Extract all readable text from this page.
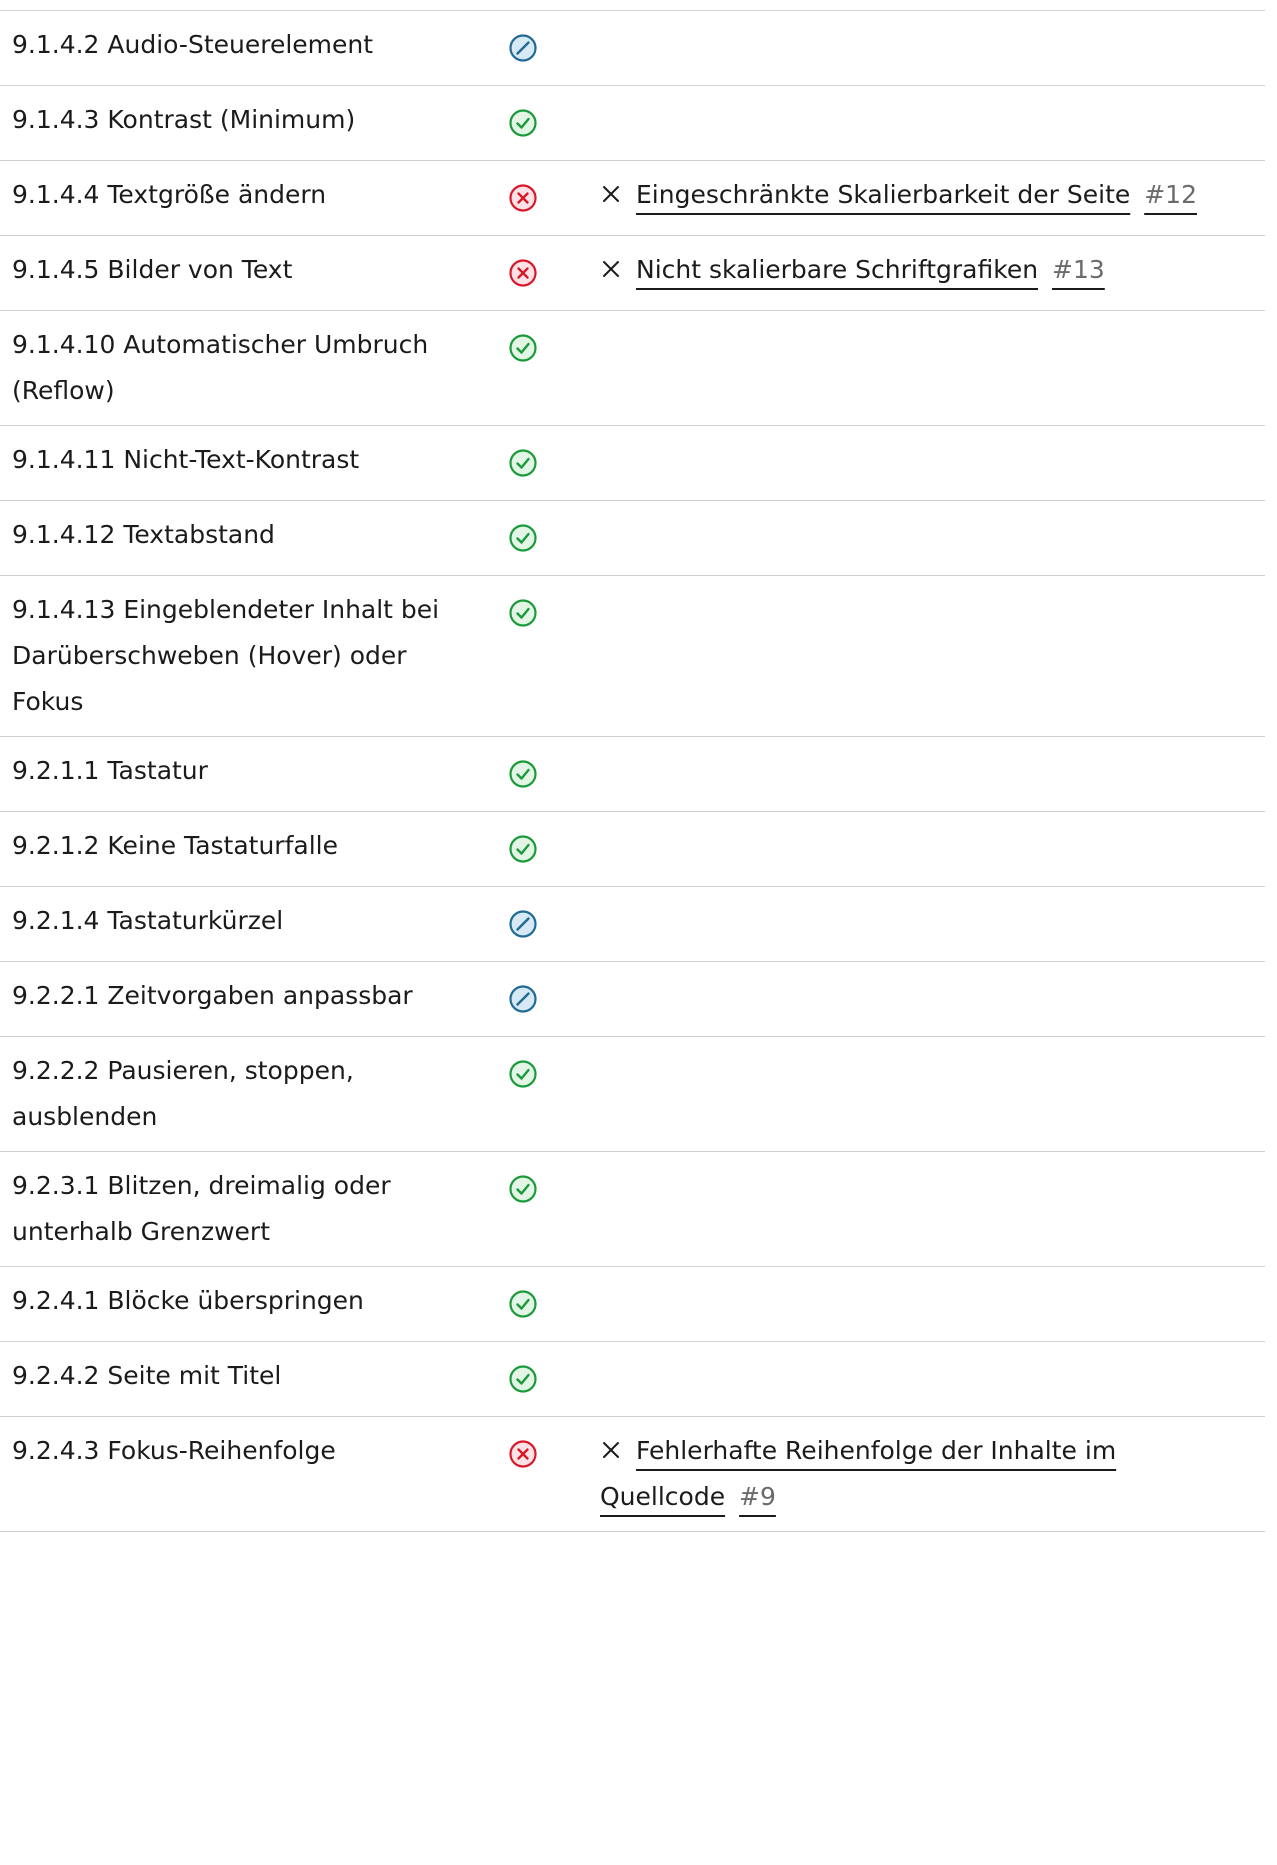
9.1.4.2 Audio-Steuerelement
9.1.4.3 Kontrast (Minimum)
9.1.4.4 Textgröße ändern	Eingeschränkte Skalierbarkeit der Seite #12
9.1.4.5 Bilder von Text	Nicht skalierbare Schriftgrafiken #13
9.1.4.10 Automatischer Umbruch (Reflow)
9.1.4.11 Nicht-Text-Kontrast
9.1.4.12 Textabstand
9.1.4.13 Eingeblendeter Inhalt bei Darüberschweben (Hover) oder Fokus
9.2.1.1 Tastatur
9.2.1.2 Keine Tastaturfalle
9.2.1.4 Tastaturkürzel
9.2.2.1 Zeitvorgaben anpassbar
9.2.2.2 Pausieren, stoppen, ausblenden
9.2.3.1 Blitzen, dreimalig oder unterhalb Grenzwert
9.2.4.1 Blöcke überspringen
9.2.4.2 Seite mit Titel
9.2.4.3 Fokus-Reihenfolge	Fehlerhafte Reihenfolge der Inhalte im Quellcode #9
